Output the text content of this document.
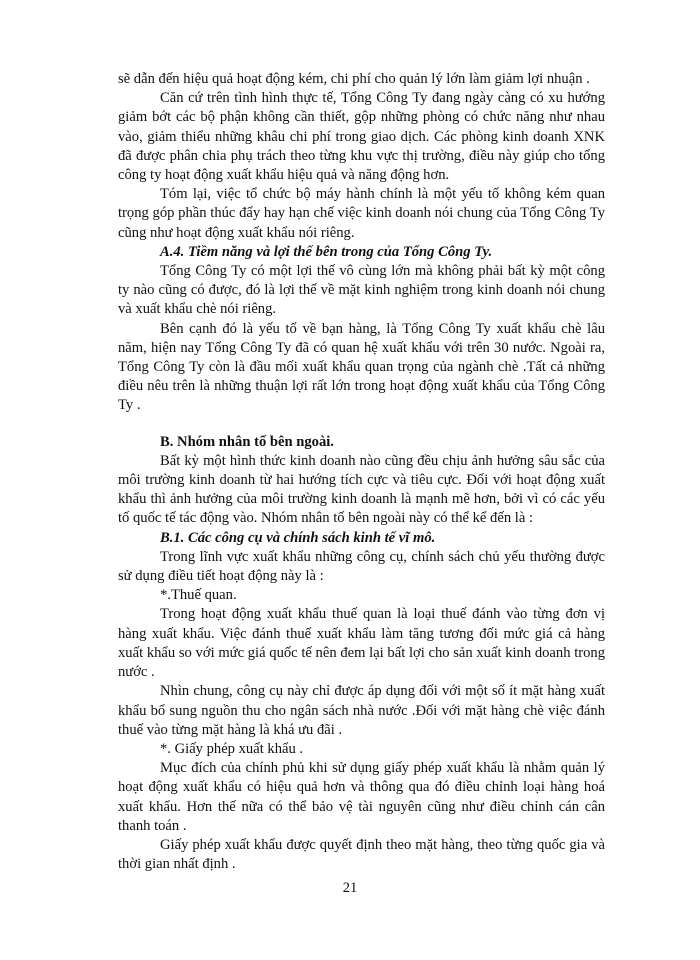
sẽ dẫn đến hiệu quả hoạt động kém, chi phí cho quản lý lớn làm giảm lợi nhuận .

Căn cứ trên tình hình thực tế, Tổng Công Ty đang ngày càng có xu hướng giảm bớt các bộ phận không cần thiết, gộp những phòng có chức năng như nhau vào, giảm thiểu những khâu chi phí trong giao dịch. Các phòng kinh doanh XNK đã được phân chia phụ trách theo từng khu vực thị trường, điều này giúp cho tổng công ty hoạt động xuất khẩu hiệu quả và năng động hơn.

Tóm lại, việc tổ chức bộ máy hành chính là một yếu tố không kém quan trọng góp phần thúc đẩy hay hạn chế việc kinh doanh nói chung của Tổng Công Ty cũng như hoạt động xuất khẩu nói riêng.

A.4. Tiềm năng và lợi thế bên trong của Tổng Công Ty.

Tổng Công Ty có một lợi thế vô cùng lớn mà không phải bất kỳ một công ty nào cũng có được, đó là lợi thế về mặt kinh nghiệm trong kinh doanh nói chung và xuất khẩu chè nói riêng.

Bên cạnh đó là yếu tố về bạn hàng, là Tổng Công Ty xuất khẩu chè lâu năm, hiện nay Tổng Công Ty đã có quan hệ xuất khẩu với trên 30 nước. Ngoài ra, Tổng Công Ty còn là đầu mối xuất khẩu quan trọng của ngành chè .Tất cả những điều nêu trên là những thuận lợi rất lớn trong hoạt động xuất khẩu của Tổng Công Ty .

B. Nhóm nhân tố bên ngoài.

Bất kỳ một hình thức kinh doanh nào cũng đều chịu ảnh hưởng sâu sắc của môi trường kinh doanh từ hai hướng tích cực và tiêu cực. Đối với hoạt động xuất khẩu thì ảnh hưởng của môi trường kinh doanh là mạnh mẽ hơn, bởi vì có các yếu tố quốc tế tác động vào. Nhóm nhân tố bên ngoài này có thể kể đến là :

B.1. Các công cụ và chính sách kinh tế vĩ mô.

Trong lĩnh vực xuất khẩu những công cụ, chính sách chủ yếu thường được sử dụng điều tiết hoạt động này là :

*.Thuế quan.

Trong hoạt động xuất khẩu thuế quan là loại thuế đánh vào từng đơn vị hàng xuất khẩu. Việc đánh thuế xuất khẩu làm tăng tương đối mức giá cả hàng xuất khẩu so với mức giá quốc tế nên đem lại bất lợi cho sản xuất kinh doanh trong nước .

Nhìn chung, công cụ này chỉ được áp dụng đối với một số ít mặt hàng xuất khẩu bổ sung nguồn thu cho ngân sách nhà nước .Đối với mặt hàng chè việc đánh thuế vào từng mặt hàng là khá ưu đãi .

*. Giấy phép xuất khẩu .

Mục đích của chính phủ khi sử dụng giấy phép xuất khẩu là nhằm quản lý hoạt động xuất khẩu có hiệu quả hơn và thông qua đó điều chỉnh loại hàng hoá xuất khẩu. Hơn thế nữa có thể bảo vệ tài nguyên cũng như điều chỉnh cán cân thanh toán .

Giấy phép xuất khẩu được quyết định theo mặt hàng, theo từng quốc gia và thời gian nhất định .

21
